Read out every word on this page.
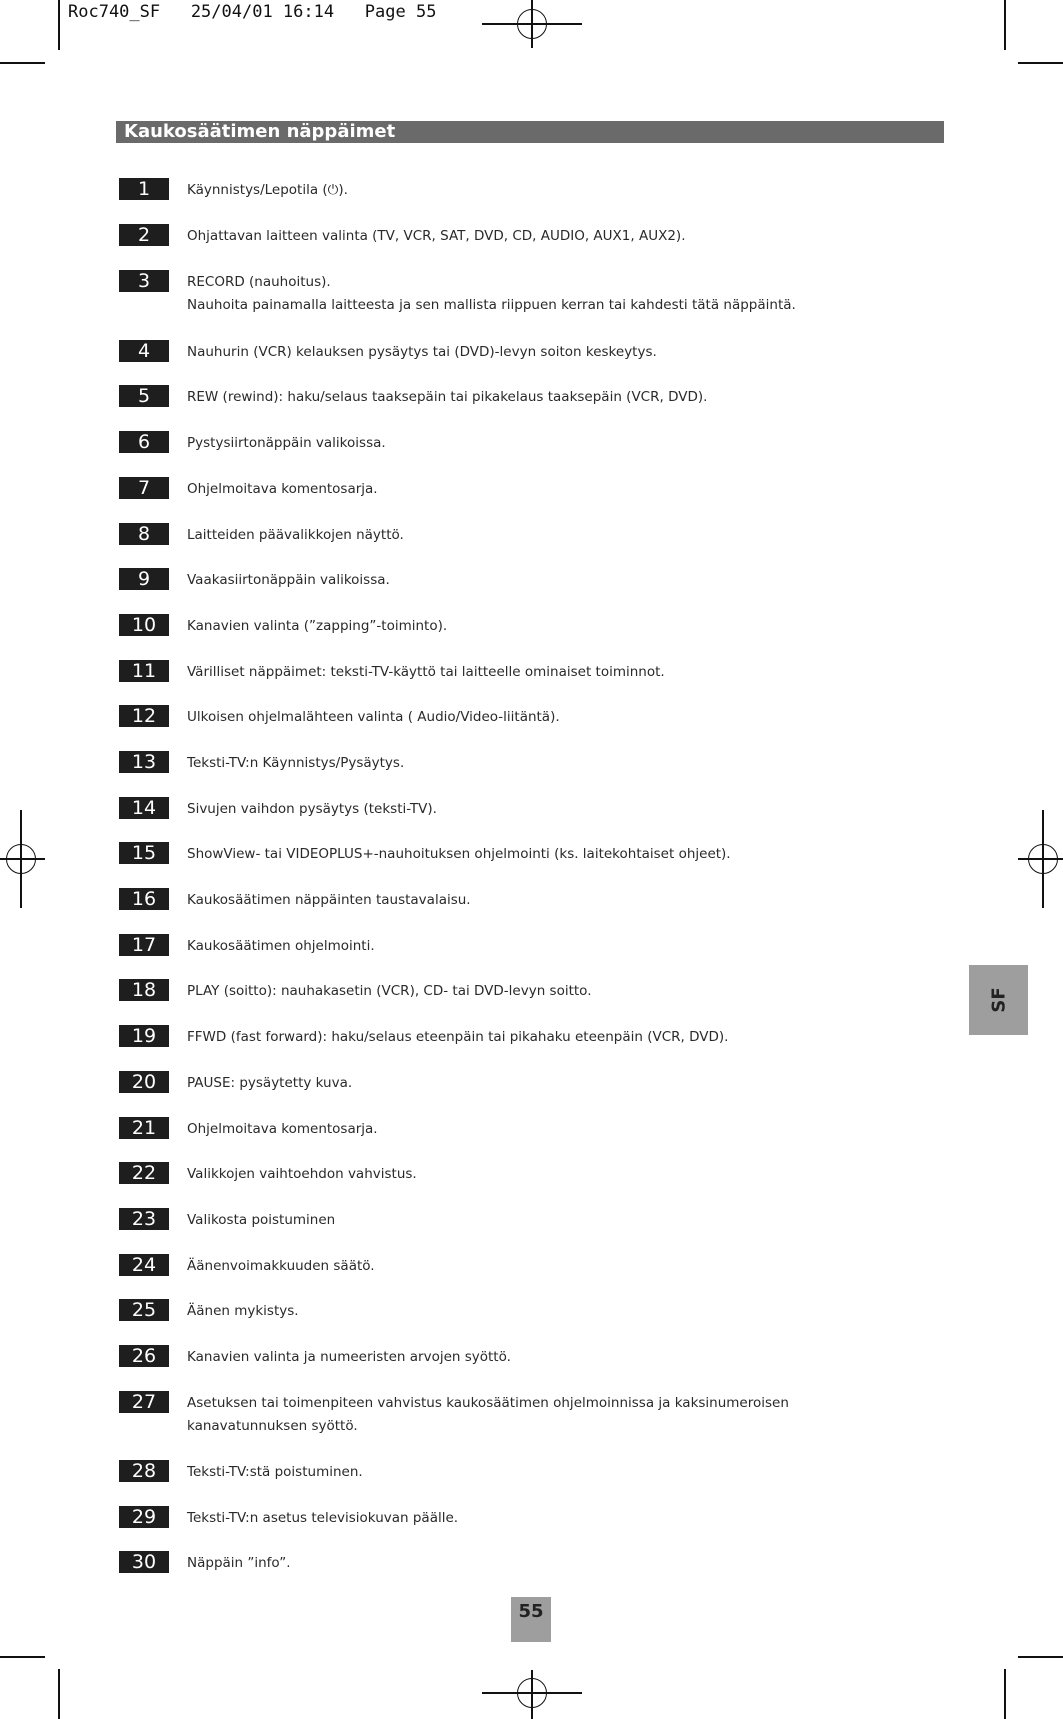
Roc740_SF   25/04/01 16:14   Page 55
Kaukosäätimen näppäimet
1	Käynnistys/Lepotila (⏻).
2	Ohjattavan laitteen valinta (TV, VCR, SAT, DVD, CD, AUDIO, AUX1, AUX2).
3	RECORD (nauhoitus).
Nauhoita painamalla laitteesta ja sen mallista riippuen kerran tai kahdesti tätä näppäintä.
4	Nauhurin (VCR) kelauksen pysäytys tai (DVD)-levyn soiton keskeytys.
5	REW (rewind): haku/selaus taaksepäin tai pikakelaus taaksepäin (VCR, DVD).
6	Pystysiirtonäppäin valikoissa.
7	Ohjelmoitava komentosarja.
8	Laitteiden päävalikkojen näyttö.
9	Vaakasiirtonäppäin valikoissa.
10	Kanavien valinta (”zapping”-toiminto).
11	Värilliset näppäimet: teksti-TV-käyttö tai laitteelle ominaiset toiminnot.
12	Ulkoisen ohjelmalähteen valinta ( Audio/Video-liitäntä).
13	Teksti-TV:n Käynnistys/Pysäytys.
14	Sivujen vaihdon pysäytys (teksti-TV).
15	ShowView- tai VIDEOPLUS+-nauhoituksen ohjelmointi (ks. laitekohtaiset ohjeet).
16	Kaukosäätimen näppäinten taustavalaisu.
17	Kaukosäätimen ohjelmointi.
18	PLAY (soitto): nauhakasetin (VCR), CD- tai DVD-levyn soitto.
19	FFWD (fast forward): haku/selaus eteenpäin tai pikahaku eteenpäin (VCR, DVD).
20	PAUSE: pysäytetty kuva.
21	Ohjelmoitava komentosarja.
22	Valikkojen vaihtoehdon vahvistus.
23	Valikosta poistuminen
24	Äänenvoimakkuuden säätö.
25	Äänen mykistys.
26	Kanavien valinta ja numeeristen arvojen syöttö.
27	Asetuksen tai toimenpiteen vahvistus kaukosäätimen ohjelmoinnissa ja kaksinumeroisen
kanavatunnuksen syöttö.
28	Teksti-TV:stä poistuminen.
29	Teksti-TV:n asetus televisiokuvan päälle.
30	Näppäin ”info”.
SF
55
